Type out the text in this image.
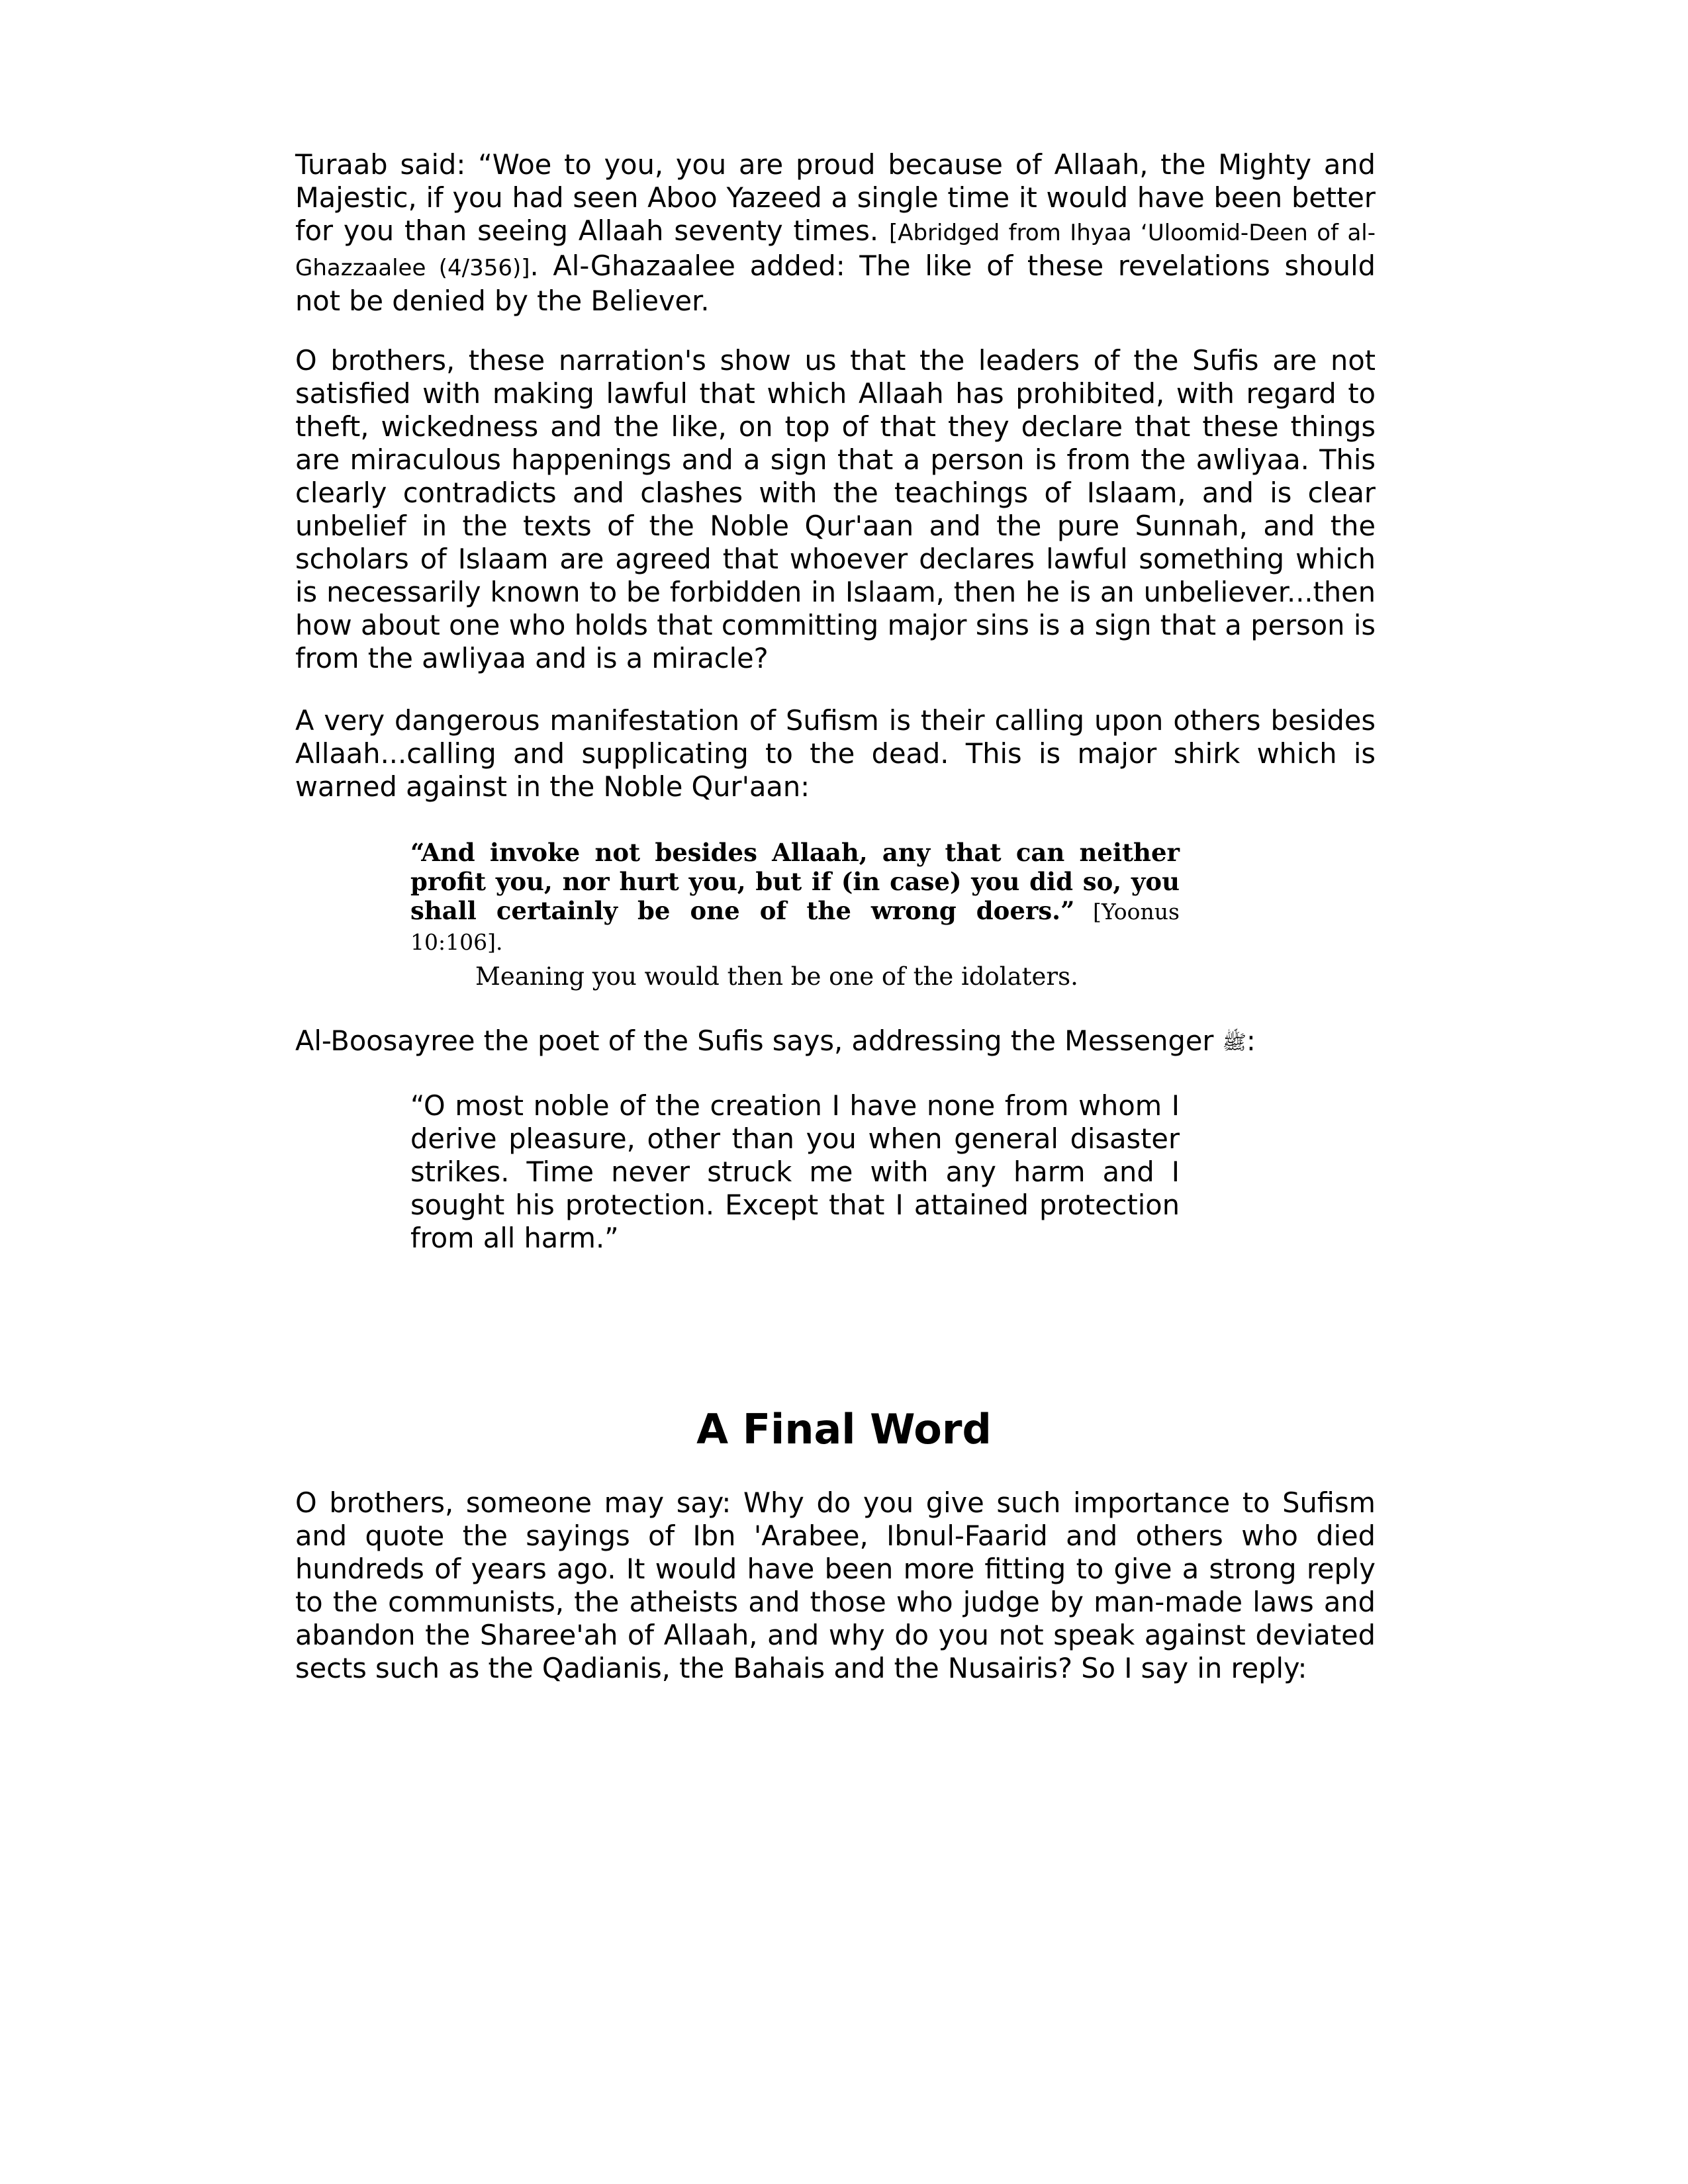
Turaab said: “Woe to you, you are proud because of Allaah, the Mighty and Majestic, if you had seen Aboo Yazeed a single time it would have been better for you than seeing Allaah seventy times. [Abridged from Ihyaa ‘Uloomid-Deen of al-Ghazzaalee (4/356)]. Al-Ghazaalee added: The like of these revelations should not be denied by the Believer.

O brothers, these narration's show us that the leaders of the Sufis are not satisfied with making lawful that which Allaah has prohibited, with regard to theft, wickedness and the like, on top of that they declare that these things are miraculous happenings and a sign that a person is from the awliyaa. This clearly contradicts and clashes with the teachings of Islaam, and is clear unbelief in the texts of the Noble Qur'aan and the pure Sunnah, and the scholars of Islaam are agreed that whoever declares lawful something which is necessarily known to be forbidden in Islaam, then he is an unbeliever...then how about one who holds that committing major sins is a sign that a person is from the awliyaa and is a miracle?

A very dangerous manifestation of Sufism is their calling upon others besides Allaah...calling and supplicating to the dead. This is major shirk which is warned against in the Noble Qur'aan:

“And invoke not besides Allaah, any that can neither profit you, nor hurt you, but if (in case) you did so, you shall certainly be one of the wrong doers.” [Yoonus 10:106].

Meaning you would then be one of the idolaters.

Al-Boosayree the poet of the Sufis says, addressing the Messenger ﷺ:

“O most noble of the creation I have none from whom I derive pleasure, other than you when general disaster strikes. Time never struck me with any harm and I sought his protection. Except that I attained protection from all harm.”

A Final Word

O brothers, someone may say: Why do you give such importance to Sufism and quote the sayings of Ibn 'Arabee, Ibnul-Faarid and others who died hundreds of years ago. It would have been more fitting to give a strong reply to the communists, the atheists and those who judge by man-made laws and abandon the Sharee'ah of Allaah, and why do you not speak against deviated sects such as the Qadianis, the Bahais and the Nusairis? So I say in reply:
